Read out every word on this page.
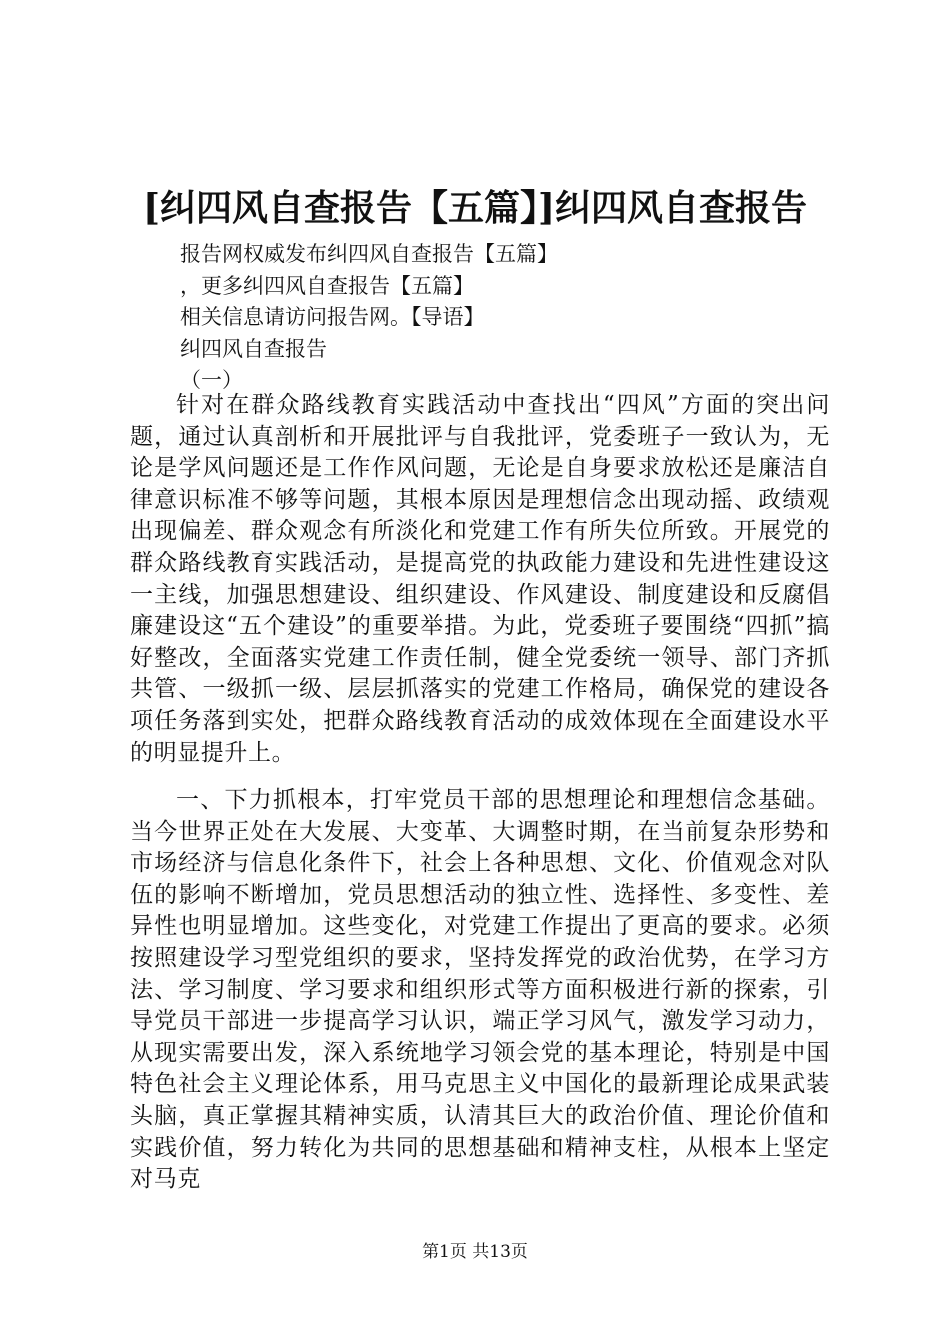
[纠四风自查报告【五篇】]纠四风自查报告
报告网权威发布纠四风自查报告【五篇】
，更多纠四风自查报告【五篇】
相关信息请访问报告网。【导语】
纠四风自查报告
（一）

针对在群众路线教育实践活动中查找出“四风”方面的突出问题，通过认真剖析和开展批评与自我批评，党委班子一致认为，无论是学风问题还是工作作风问题，无论是自身要求放松还是廉洁自律意识标准不够等问题，其根本原因是理想信念出现动摇、政绩观出现偏差、群众观念有所淡化和党建工作有所失位所致。开展党的群众路线教育实践活动，是提高党的执政能力建设和先进性建设这一主线，加强思想建设、组织建设、作风建设、制度建设和反腐倡廉建设这“五个建设”的重要举措。为此，党委班子要围绕“四抓”搞好整改，全面落实党建工作责任制，健全党委统一领导、部门齐抓共管、一级抓一级、层层抓落实的党建工作格局，确保党的建设各项任务落到实处，把群众路线教育活动的成效体现在全面建设水平的明显提升上。

一、下力抓根本，打牢党员干部的思想理论和理想信念基础。当今世界正处在大发展、大变革、大调整时期，在当前复杂形势和市场经济与信息化条件下，社会上各种思想、文化、价值观念对队伍的影响不断增加，党员思想活动的独立性、选择性、多变性、差异性也明显增加。这些变化，对党建工作提出了更高的要求。必须按照建设学习型党组织的要求，坚持发挥党的政治优势，在学习方法、学习制度、学习要求和组织形式等方面积极进行新的探索，引导党员干部进一步提高学习认识，端正学习风气，激发学习动力，从现实需要出发，深入系统地学习领会党的基本理论，特别是中国特色社会主义理论体系，用马克思主义中国化的最新理论成果武装头脑，真正掌握其精神实质，认清其巨大的政治价值、理论价值和实践价值，努力转化为共同的思想基础和精神支柱，从根本上坚定对马克

第1页 共13页
